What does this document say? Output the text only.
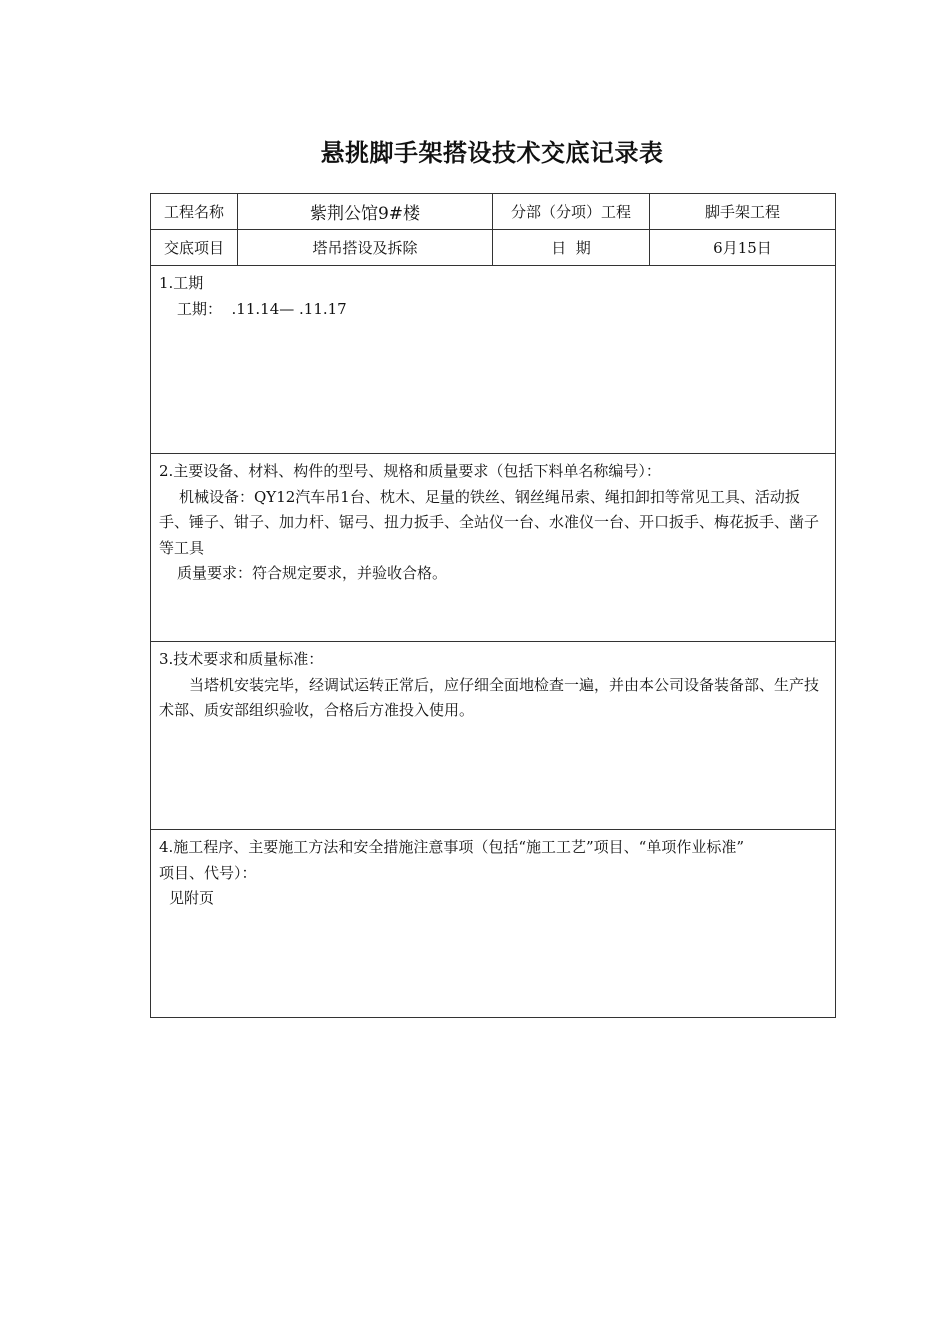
悬挑脚手架搭设技术交底记录表
工程名称	紫荆公馆9#楼	分部（分项）工程	脚手架工程
交底项目	塔吊搭设及拆除	日  期	6月15日

1.工期

工期：  .11.14— .11.17			

2.主要设备、材料、构件的型号、规格和质量要求（包括下料单名称编号）：

机械设备：QY12汽车吊1台、枕木、足量的铁丝、钢丝绳吊索、绳扣卸扣等常见工具、活动扳手、锤子、钳子、加力杆、锯弓、扭力扳手、全站仪一台、水准仪一台、开口扳手、梅花扳手、凿子等工具

质量要求：符合规定要求，并验收合格。			

3.技术要求和质量标准：

当塔机安装完毕，经调试运转正常后，应仔细全面地检查一遍，并由本公司设备装备部、生产技术部、质安部组织验收，合格后方准投入使用。			

4.施工程序、主要施工方法和安全措施注意事项（包括“施工工艺”项目、“单项作业标准”

项目、代号）：

见附页			
